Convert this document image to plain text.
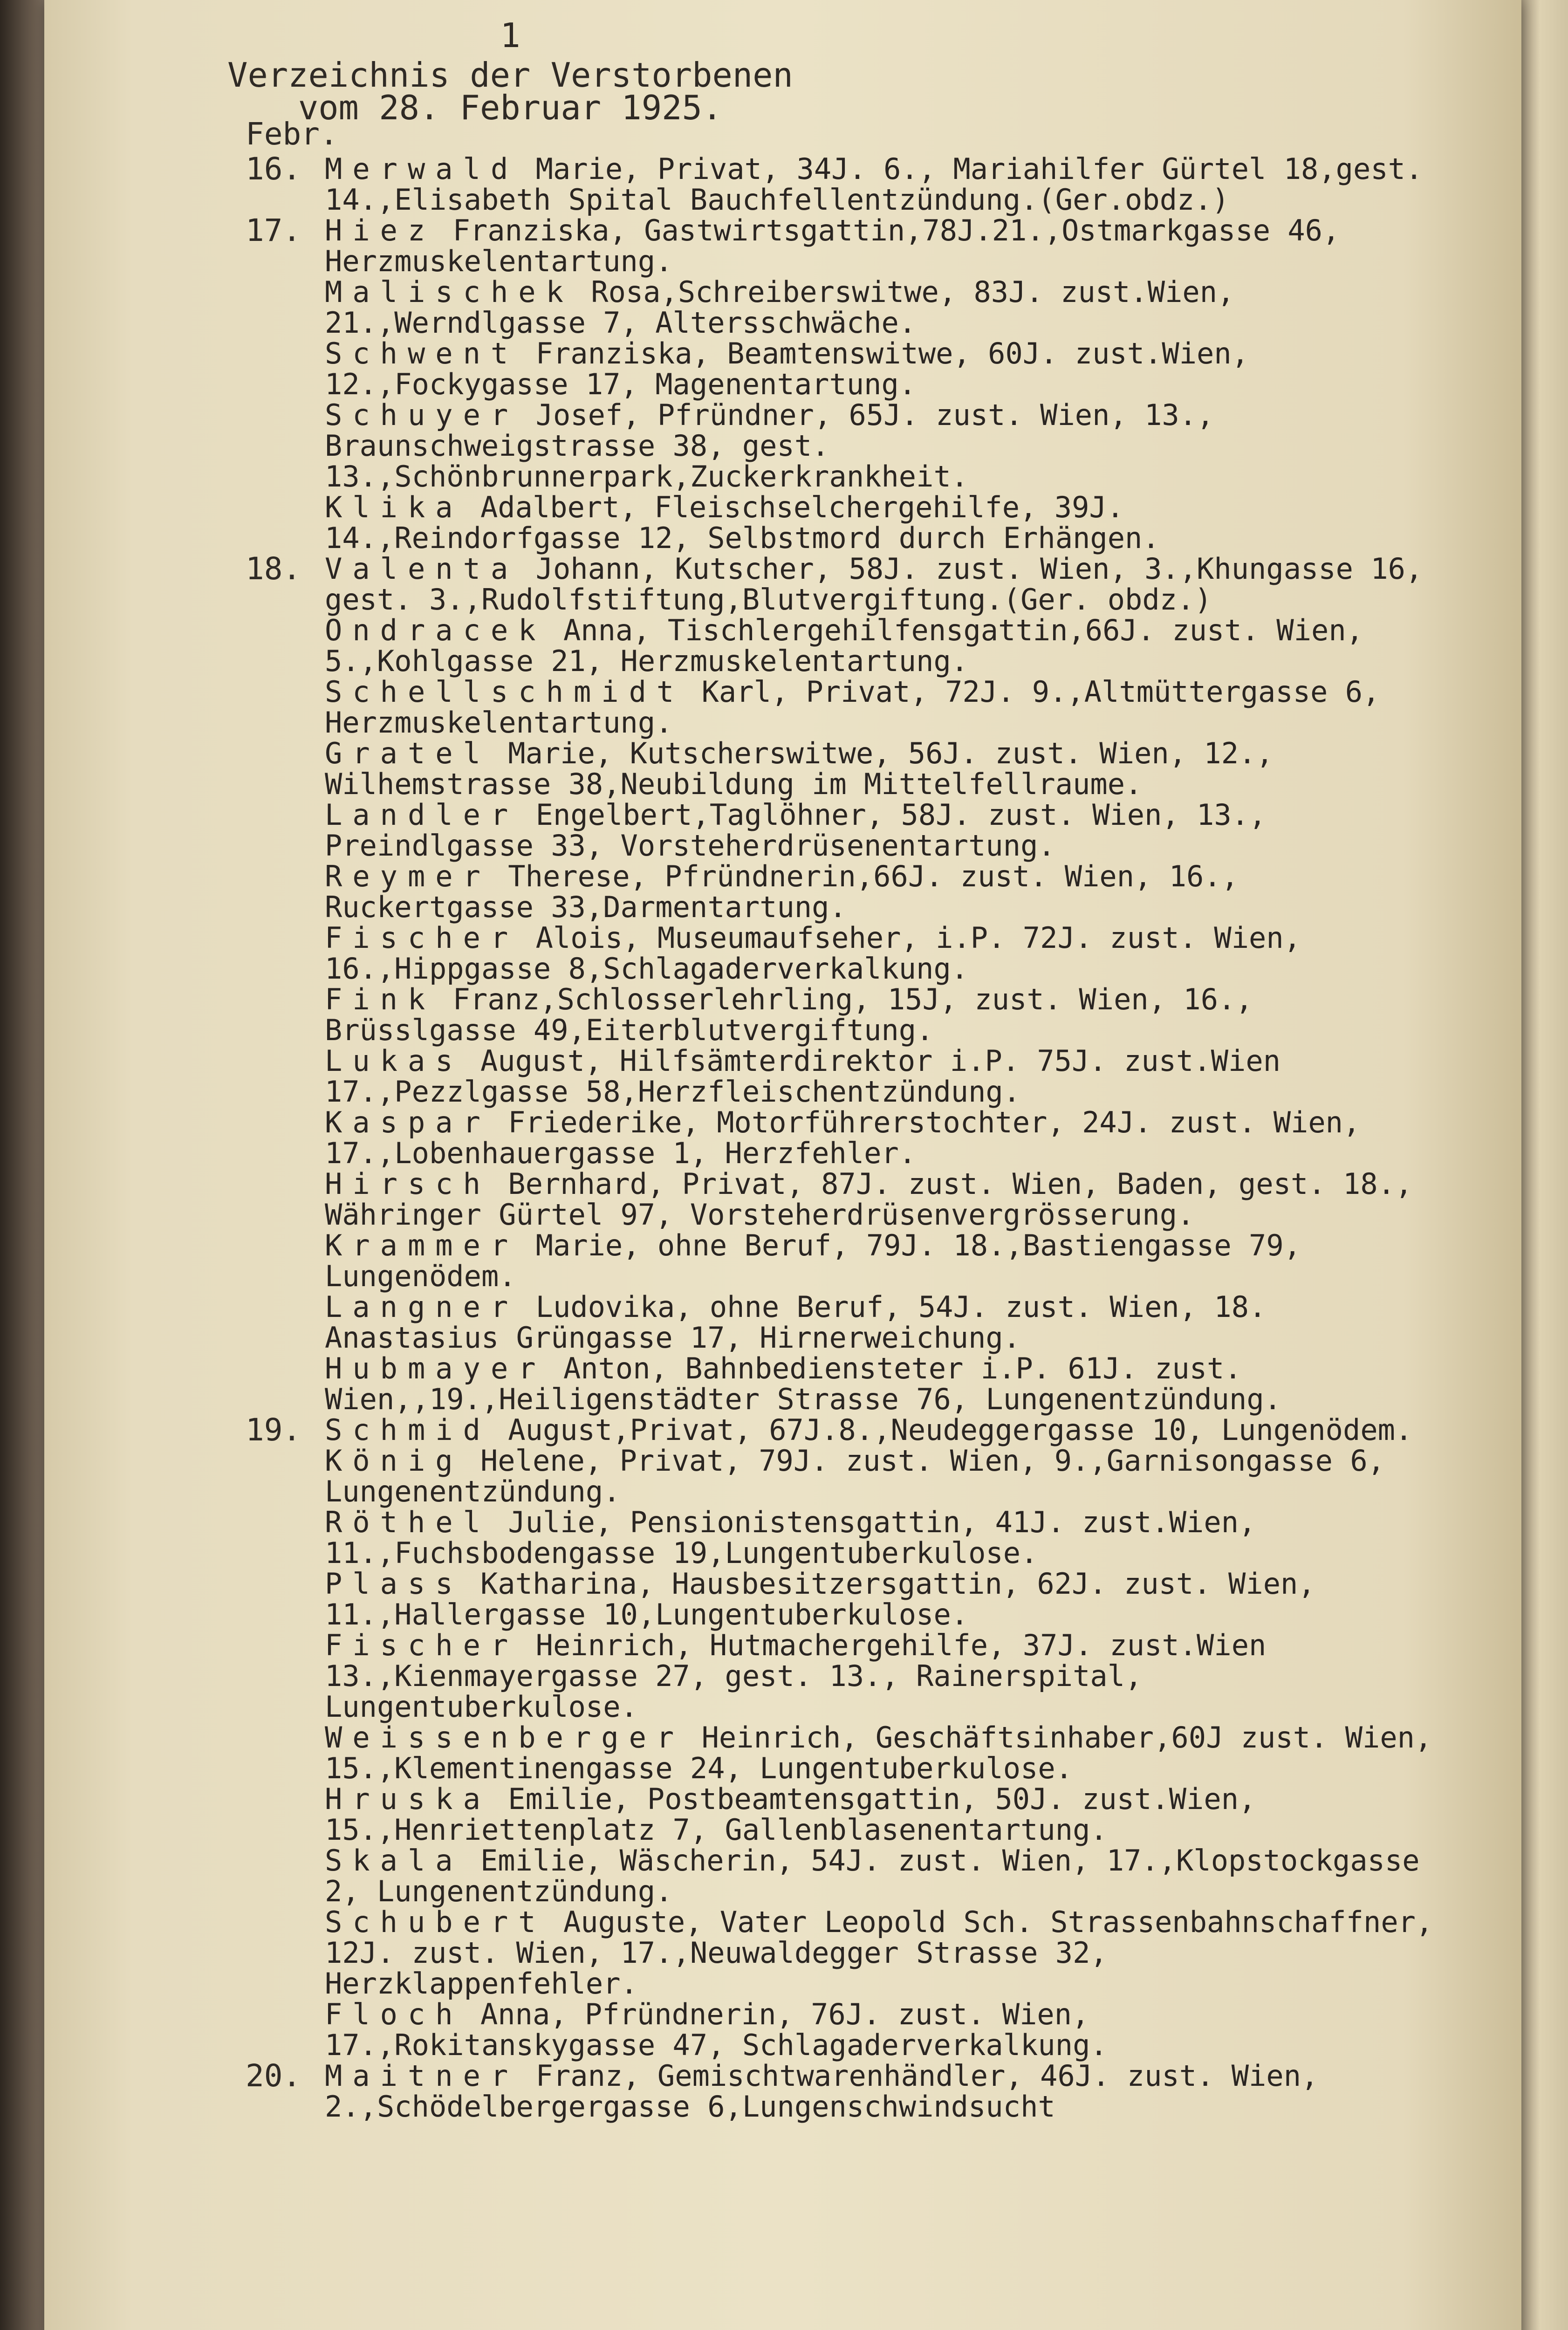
1
Verzeichnis der Verstorbenen
vom 28. Februar 1925.
Febr.
16. Merwald Marie, Privat, 34J. 6., Mariahilfer Gürtel 18,gest. 14.,Elisabeth Spital Bauchfellentzündung.(Ger.obdz.)
17. Hiez Franziska, Gastwirtsgattin,78J.21.,Ostmarkgasse 46, Herzmuskelentartung.
Malischek Rosa,Schreiberswitwe, 83J. zust.Wien, 21.,Werndlgasse 7, Altersschwäche.
Schwent Franziska, Beamtenswitwe, 60J. zust.Wien, 12.,Fockygasse 17, Magenentartung.
Schuyer Josef, Pfründner, 65J. zust. Wien, 13., Braunschweigstrasse 38, gest. 13.,Schönbrunnerpark,Zuckerkrankheit.
Klika Adalbert, Fleischselchergehilfe, 39J. 14.,Reindorfgasse 12, Selbstmord durch Erhängen.
18. Valenta Johann, Kutscher, 58J. zust. Wien, 3.,Khungasse 16, gest. 3.,Rudolfstiftung,Blutvergiftung.(Ger. obdz.)
Ondracek Anna, Tischlergehilfensgattin,66J. zust. Wien, 5.,Kohlgasse 21, Herzmuskelentartung.
Schellschmidt Karl, Privat, 72J. 9.,Altmüttergasse 6, Herzmuskelentartung.
Gratel Marie, Kutscherswitwe, 56J. zust. Wien, 12., Wilhemstrasse 38,Neubildung im Mittelfellraume.
Landler Engelbert,Taglöhner, 58J. zust. Wien, 13., Preindlgasse 33, Vorsteherdrüsenentartung.
Reymer Therese, Pfründnerin,66J. zust. Wien, 16., Ruckertgasse 33,Darmentartung.
Fischer Alois, Museumaufseher, i.P. 72J. zust. Wien, 16.,Hippgasse 8,Schlagaderverkalkung.
Fink Franz,Schlosserlehrling, 15J, zust. Wien, 16., Brüsslgasse 49,Eiterblutvergiftung.
Lukas August, Hilfsämterdirektor i.P. 75J. zust.Wien 17.,Pezzlgasse 58,Herzfleischentzündung.
Kaspar Friederike, Motorführerstochter, 24J. zust. Wien, 17.,Lobenhauergasse 1, Herzfehler.
Hirsch Bernhard, Privat, 87J. zust. Wien, Baden, gest. 18., Währinger Gürtel 97, Vorsteherdrüsenvergrösserung.
Krammer Marie, ohne Beruf, 79J. 18.,Bastiengasse 79, Lungenödem.
Langner Ludovika, ohne Beruf, 54J. zust. Wien, 18. Anastasius Grüngasse 17, Hirnerweichung.
Hubmayer Anton, Bahnbediensteter i.P. 61J. zust. Wien,,19.,Heiligenstädter Strasse 76, Lungenentzündung.
19. Schmid August,Privat, 67J.8.,Neudeggergasse 10, Lungenödem.
König Helene, Privat, 79J. zust. Wien, 9.,Garnisongasse 6, Lungenentzündung.
Röthel Julie, Pensionistensgattin, 41J. zust.Wien, 11.,Fuchsbodengasse 19,Lungentuberkulose.
Plass Katharina, Hausbesitzersgattin, 62J. zust. Wien, 11.,Hallergasse 10,Lungentuberkulose.
Fischer Heinrich, Hutmachergehilfe, 37J. zust.Wien 13.,Kienmayergasse 27, gest. 13., Rainerspital, Lungentuberkulose.
Weissenberger Heinrich, Geschäftsinhaber,60J zust. Wien, 15.,Klementinengasse 24, Lungentuberkulose.
Hruska Emilie, Postbeamtensgattin, 50J. zust.Wien, 15.,Henriettenplatz 7, Gallenblasenentartung.
Skala Emilie, Wäscherin, 54J. zust. Wien, 17.,Klopstockgasse 2, Lungenentzündung.
Schubert Auguste, Vater Leopold Sch. Strassenbahnschaffner, 12J. zust. Wien, 17.,Neuwaldegger Strasse 32, Herzklappenfehler.
Floch Anna, Pfründnerin, 76J. zust. Wien, 17.,Rokitanskygasse 47, Schlagaderverkalkung.
20. Maitner Franz, Gemischtwarenhändler, 46J. zust. Wien, 2.,Schödelbergergasse 6,Lungenschwindsucht
